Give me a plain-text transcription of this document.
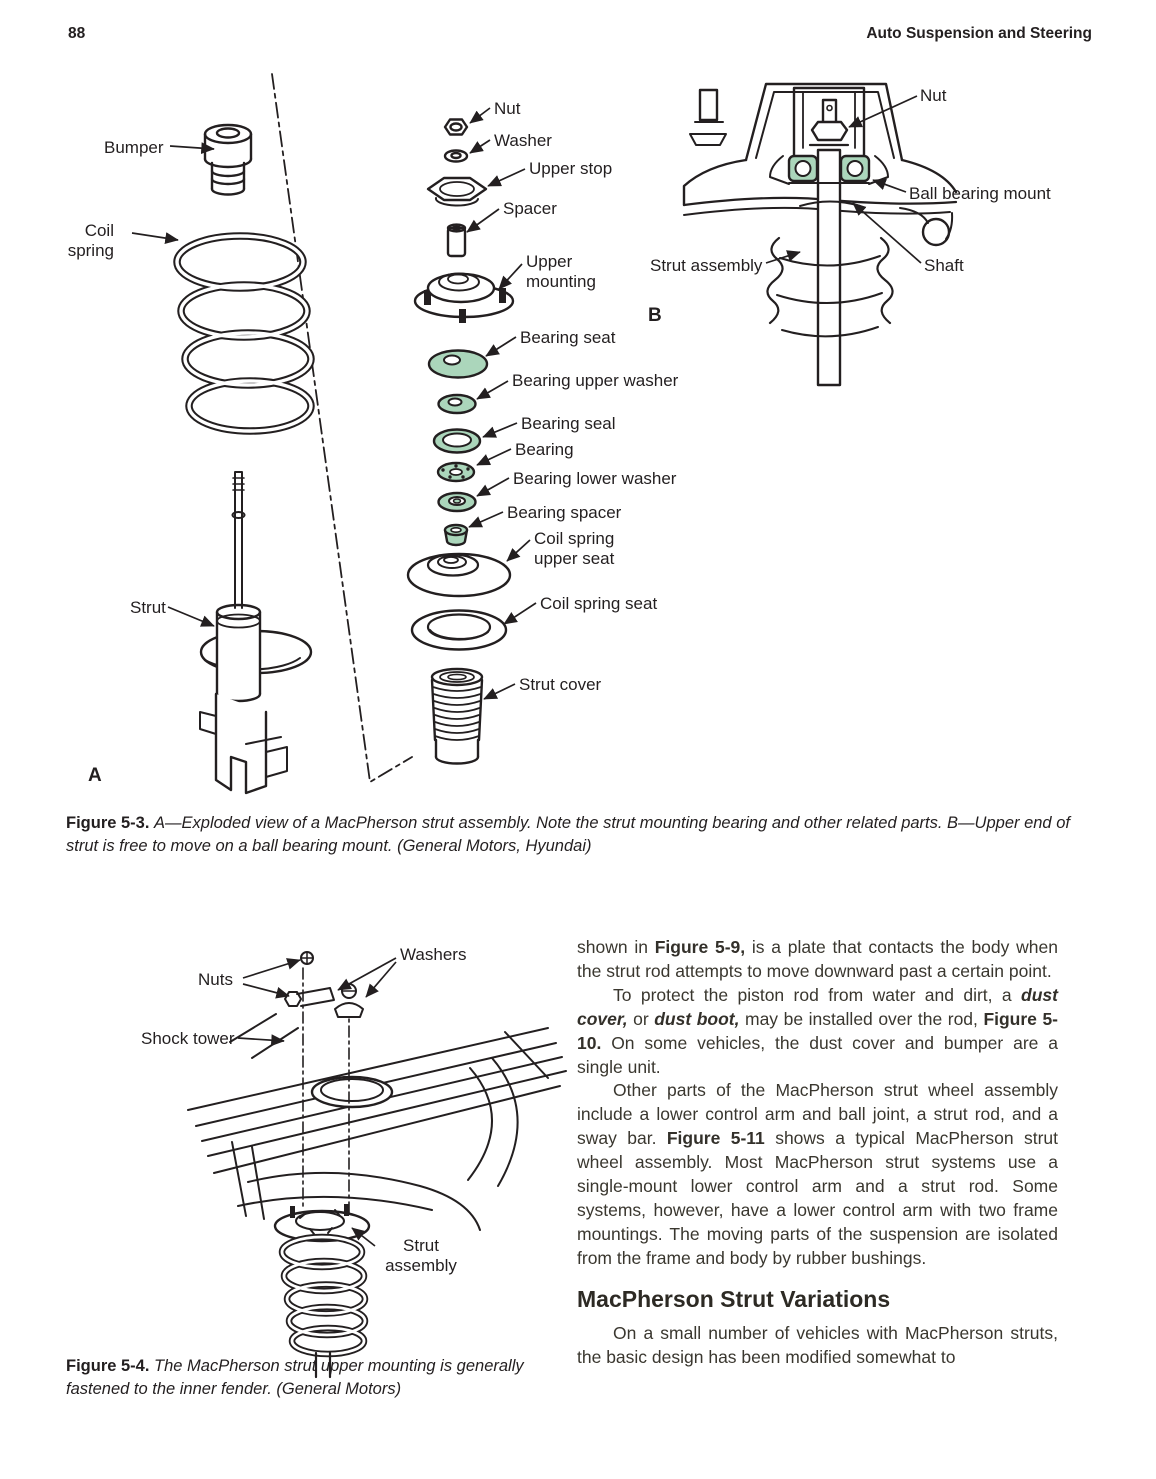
88	Auto Suspension and Steering
Bumper
Coil spring
Strut
A
Nut
Washer
Upper stop
Spacer
Upper mounting
Bearing seat
Bearing upper washer
Bearing seal
Bearing
Bearing lower washer
Bearing spacer
Coil spring upper seat
Coil spring seat
Strut cover
Nut
Ball bearing mount
Strut assembly	Shaft
B

Figure 5-3. A—Exploded view of a MacPherson strut assembly. Note the strut mounting bearing and other related parts. B—Upper end of strut is free to move on a ball bearing mount. (General Motors, Hyundai)

Washers
Nuts
Shock tower
Strut assembly

Figure 5-4. The MacPherson strut upper mounting is generally fastened to the inner fender. (General Motors)

shown in Figure 5-9, is a plate that contacts the body when the strut rod attempts to move downward past a certain point.

To protect the piston rod from water and dirt, a dust cover, or dust boot, may be installed over the rod, Figure 5-10. On some vehicles, the dust cover and bumper are a single unit.

Other parts of the MacPherson strut wheel assembly include a lower control arm and ball joint, a strut rod, and a sway bar. Figure 5-11 shows a typical MacPherson strut wheel assembly. Most MacPherson strut systems use a single-mount lower control arm and a strut rod. Some systems, however, have a lower control arm with two frame mountings. The moving parts of the suspension are isolated from the frame and body by rubber bushings.

MacPherson Strut Variations

On a small number of vehicles with MacPherson struts, the basic design has been modified somewhat to
